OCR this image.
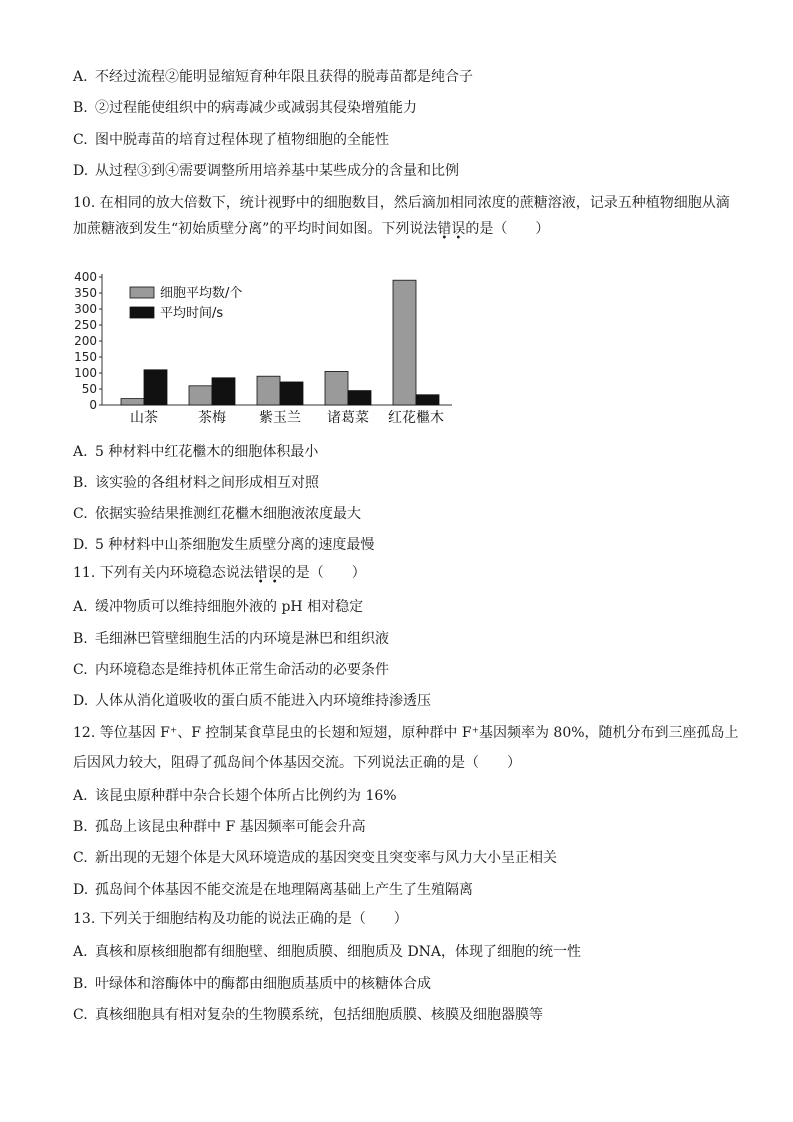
A. 不经过流程②能明显缩短育种年限且获得的脱毒苗都是纯合子
B. ②过程能使组织中的病毒减少或减弱其侵染增殖能力
C. 图中脱毒苗的培育过程体现了植物细胞的全能性
D. 从过程③到④需要调整所用培养基中某些成分的含量和比例
10. 在相同的放大倍数下，统计视野中的细胞数目，然后滴加相同浓度的蔗糖溶液，记录五种植物细胞从滴
加蔗糖液到发生“初始质壁分离”的平均时间如图。下列说法错误的是（　　）
0
50
100
150
200
250
300
350
400
山茶	茶梅 紫玉兰 诸葛菜 红花檵木
细胞平均数/个
平均时间/s
A. 5 种材料中红花檵木的细胞体积最小
B. 该实验的各组材料之间形成相互对照
C. 依据实验结果推测红花檵木细胞液浓度最大
D. 5 种材料中山茶细胞发生质壁分离的速度最慢
11. 下列有关内环境稳态说法错误的是（　　）
A. 缓冲物质可以维持细胞外液的 pH 相对稳定
B. 毛细淋巴管壁细胞生活的内环境是淋巴和组织液
C. 内环境稳态是维持机体正常生命活动的必要条件
D. 人体从消化道吸收的蛋白质不能进入内环境维持渗透压
12. 等位基因 F⁺、F 控制某食草昆虫的长翅和短翅，原种群中 F⁺基因频率为 80%，随机分布到三座孤岛上
后因风力较大，阻碍了孤岛间个体基因交流。下列说法正确的是（　　）
A. 该昆虫原种群中杂合长翅个体所占比例约为 16%
B. 孤岛上该昆虫种群中 F 基因频率可能会升高
C. 新出现的无翅个体是大风环境造成的基因突变且突变率与风力大小呈正相关
D. 孤岛间个体基因不能交流是在地理隔离基础上产生了生殖隔离
13. 下列关于细胞结构及功能的说法正确的是（　　）
A. 真核和原核细胞都有细胞壁、细胞质膜、细胞质及 DNA，体现了细胞的统一性
B. 叶绿体和溶酶体中的酶都由细胞质基质中的核糖体合成
C. 真核细胞具有相对复杂的生物膜系统，包括细胞质膜、核膜及细胞器膜等
